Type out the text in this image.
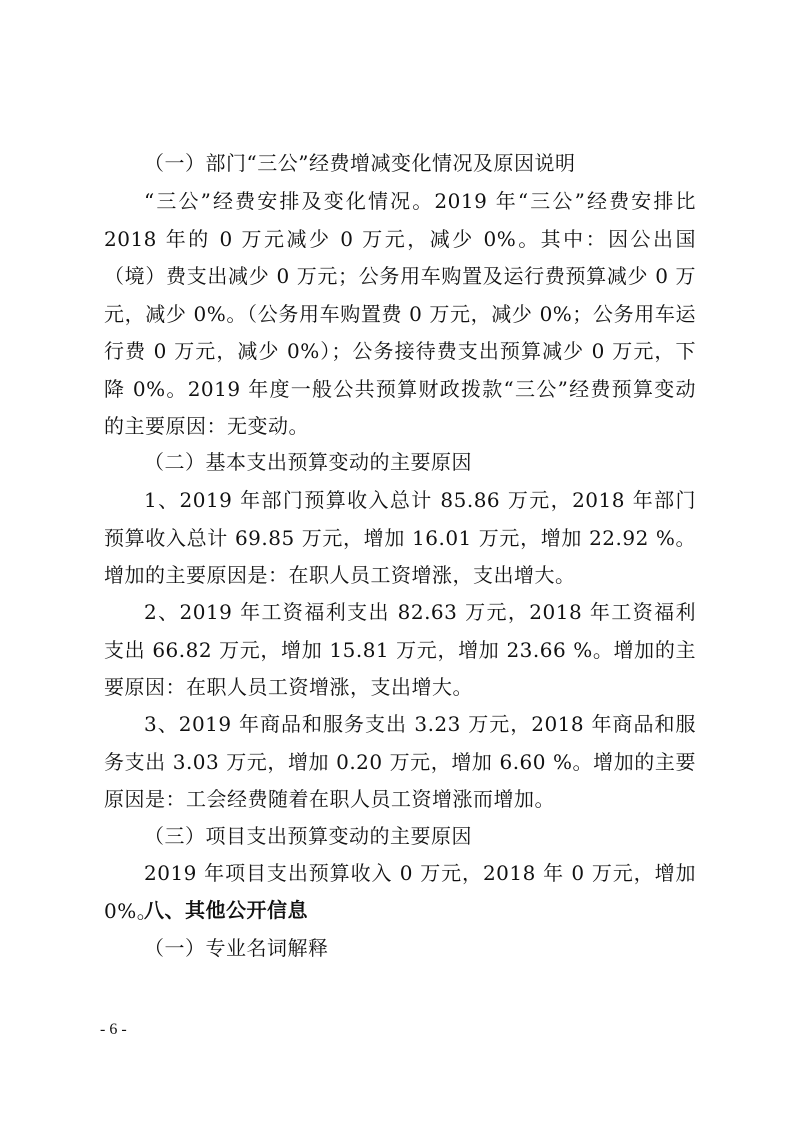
（一）部门“三公”经费增减变化情况及原因说明

“三公”经费安排及变化情况。2019 年“三公”经费安排比 2018 年的 0 万元减少 0 万元，减少 0%。其中：因公出国（境）费支出减少 0 万元；公务用车购置及运行费预算减少 0 万元，减少 0%。（公务用车购置费 0 万元，减少 0%；公务用车运行费 0 万元，减少 0%）；公务接待费支出预算减少 0 万元，下降 0%。2019 年度一般公共预算财政拨款“三公”经费预算变动的主要原因：无变动。

（二）基本支出预算变动的主要原因

1、2019 年部门预算收入总计 85.86 万元，2018 年部门预算收入总计 69.85 万元，增加 16.01 万元，增加 22.92 %。增加的主要原因是：在职人员工资增涨，支出增大。

2、2019 年工资福利支出 82.63 万元，2018 年工资福利支出 66.82 万元，增加 15.81 万元，增加 23.66 %。增加的主要原因：在职人员工资增涨，支出增大。

3、2019 年商品和服务支出 3.23 万元，2018 年商品和服务支出 3.03 万元，增加 0.20 万元，增加 6.60 %。增加的主要原因是：工会经费随着在职人员工资增涨而增加。

（三）项目支出预算变动的主要原因

2019 年项目支出预算收入 0 万元，2018 年 0 万元，增加 0%。

八、其他公开信息

（一）专业名词解释

- 6 -
